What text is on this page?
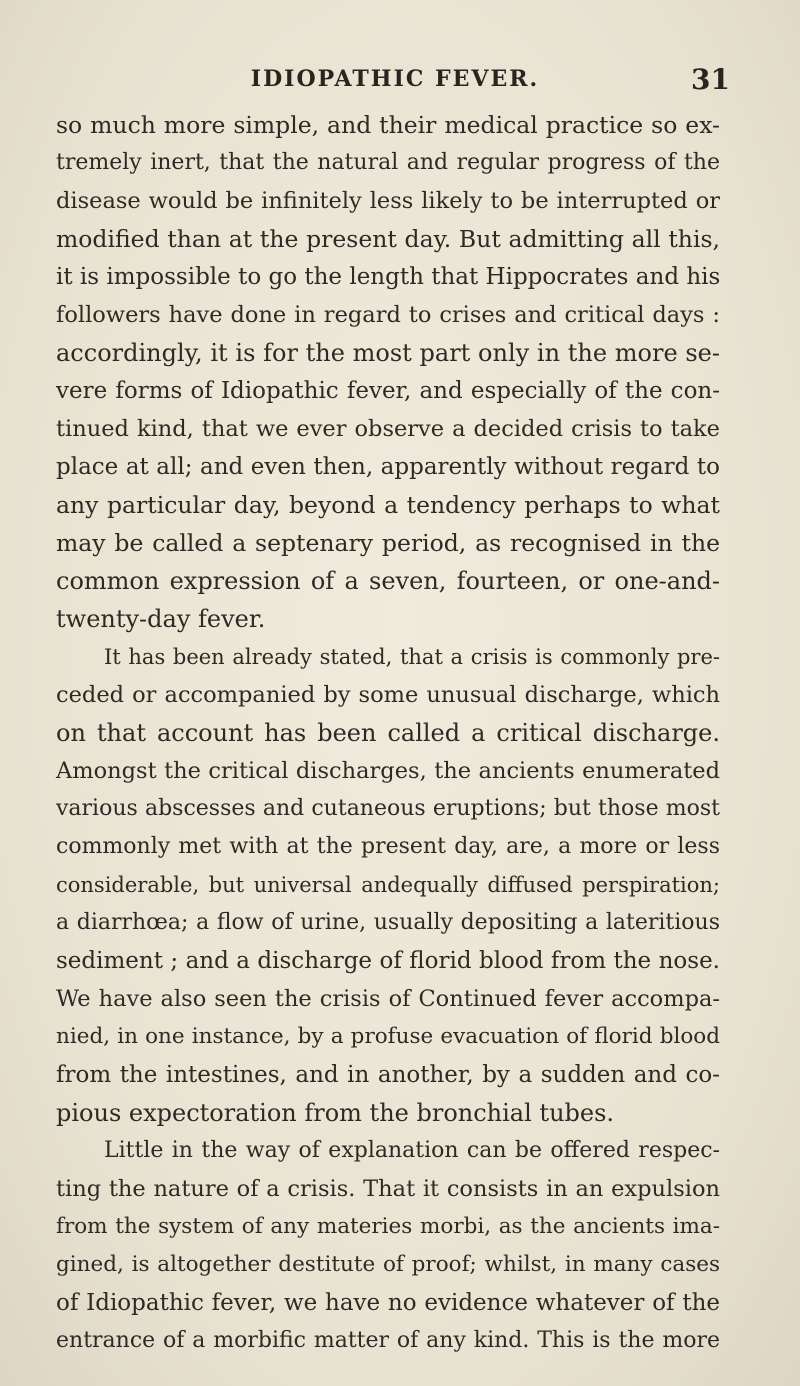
IDIOPATHIC FEVER.	31
so much more simple, and their medical practice so ex-
tremely inert, that the natural and regular progress of the
disease would be infinitely less likely to be interrupted or
modified than at the present day. But admitting all this,
it is impossible to go the length that Hippocrates and his
followers have done in regard to crises and critical days :
accordingly, it is for the most part only in the more se-
vere forms of Idiopathic fever, and especially of the con-
tinued kind, that we ever observe a decided crisis to take
place at all; and even then, apparently without regard to
any particular day, beyond a tendency perhaps to what
may be called a septenary period, as recognised in the
common expression of a seven, fourteen, or one-and-
twenty-day fever.
It has been already stated, that a crisis is commonly pre-
ceded or accompanied by some unusual discharge, which
on that account has been called a critical discharge.
Amongst the critical discharges, the ancients enumerated
various abscesses and cutaneous eruptions; but those most
commonly met with at the present day, are, a more or less
considerable, but universal andequally diffused perspiration;
a diarrhœa; a flow of urine, usually depositing a lateritious
sediment ; and a discharge of florid blood from the nose.
We have also seen the crisis of Continued fever accompa-
nied, in one instance, by a profuse evacuation of florid blood
from the intestines, and in another, by a sudden and co-
pious expectoration from the bronchial tubes.
Little in the way of explanation can be offered respec-
ting the nature of a crisis. That it consists in an expulsion
from the system of any materies morbi, as the ancients ima-
gined, is altogether destitute of proof; whilst, in many cases
of Idiopathic fever, we have no evidence whatever of the
entrance of a morbific matter of any kind. This is the more
